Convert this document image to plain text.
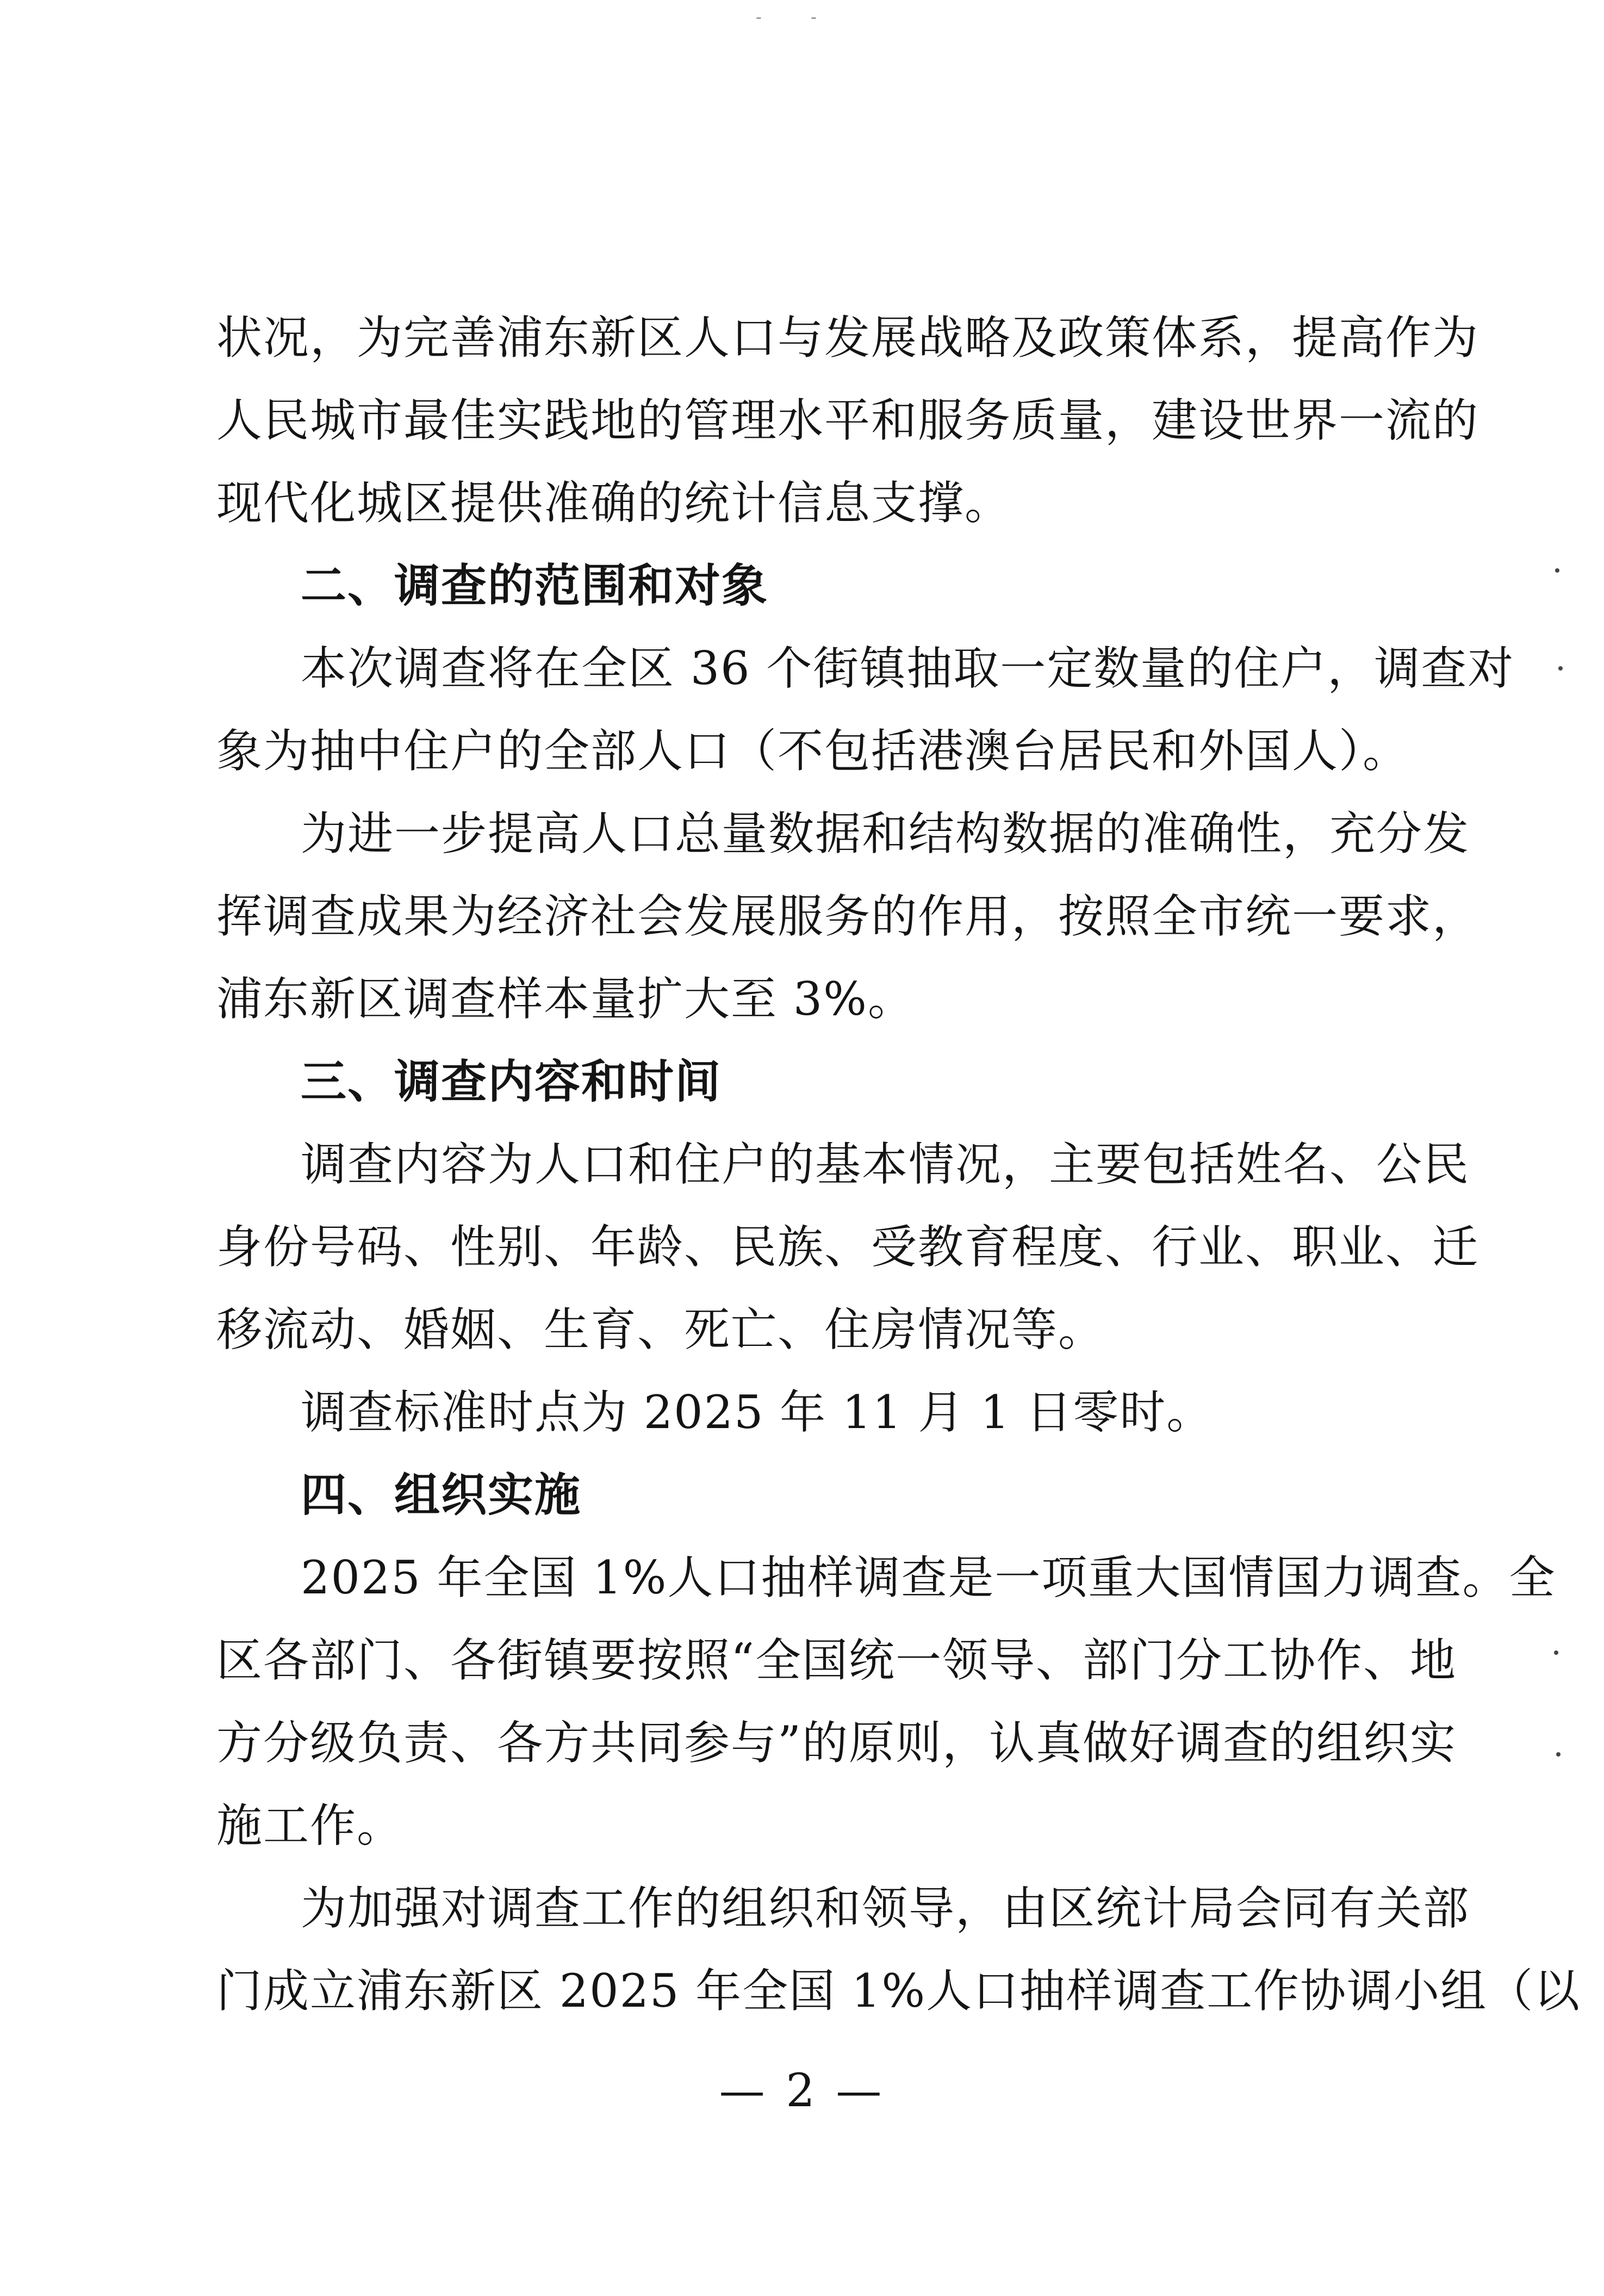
- -
状况，为完善浦东新区人口与发展战略及政策体系，提高作为
人民城市最佳实践地的管理水平和服务质量，建设世界一流的
现代化城区提供准确的统计信息支撑。
二、调查的范围和对象
本次调查将在全区 36 个街镇抽取一定数量的住户，调查对
象为抽中住户的全部人口（不包括港澳台居民和外国人）。
为进一步提高人口总量数据和结构数据的准确性，充分发
挥调查成果为经济社会发展服务的作用，按照全市统一要求，
浦东新区调查样本量扩大至 3%。
三、调查内容和时间
调查内容为人口和住户的基本情况，主要包括姓名、公民
身份号码、性别、年龄、民族、受教育程度、行业、职业、迁
移流动、婚姻、生育、死亡、住房情况等。
调查标准时点为 2025 年 11 月 1 日零时。
四、组织实施
2025 年全国 1%人口抽样调查是一项重大国情国力调查。全
区各部门、各街镇要按照“全国统一领导、部门分工协作、地
方分级负责、各方共同参与”的原则，认真做好调查的组织实
施工作。
为加强对调查工作的组织和领导，由区统计局会同有关部
门成立浦东新区 2025 年全国 1%人口抽样调查工作协调小组（以
— 2 —
